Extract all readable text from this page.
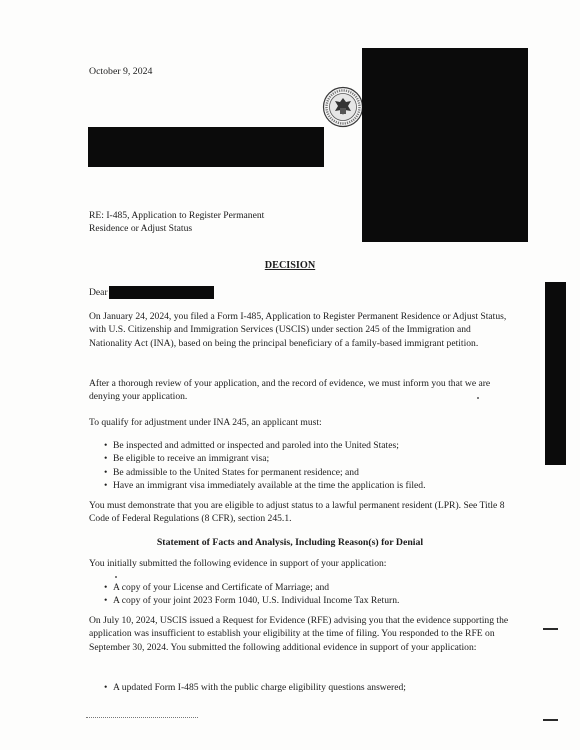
October 9, 2024
RE: I-485, Application to Register Permanent
Residence or Adjust Status
DECISION
Dear
On January 24, 2024, you filed a Form I-485, Application to Register Permanent Residence or Adjust Status, with U.S. Citizenship and Immigration Services (USCIS) under section 245 of the Immigration and Nationality Act (INA), based on being the principal beneficiary of a family-based immigrant petition.
After a thorough review of your application, and the record of evidence, we must inform you that we are denying your application.
To qualify for adjustment under INA 245, an applicant must:
• Be inspected and admitted or inspected and paroled into the United States;
• Be eligible to receive an immigrant visa;
• Be admissible to the United States for permanent residence; and
• Have an immigrant visa immediately available at the time the application is filed.
You must demonstrate that you are eligible to adjust status to a lawful permanent resident (LPR). See Title 8 Code of Federal Regulations (8 CFR), section 245.1.
Statement of Facts and Analysis, Including Reason(s) for Denial
You initially submitted the following evidence in support of your application:
• A copy of your License and Certificate of Marriage; and
• A copy of your joint 2023 Form 1040, U.S. Individual Income Tax Return.
On July 10, 2024, USCIS issued a Request for Evidence (RFE) advising you that the evidence supporting the application was insufficient to establish your eligibility at the time of filing. You responded to the RFE on September 30, 2024. You submitted the following additional evidence in support of your application:
• A updated Form I-485 with the public charge eligibility questions answered;
